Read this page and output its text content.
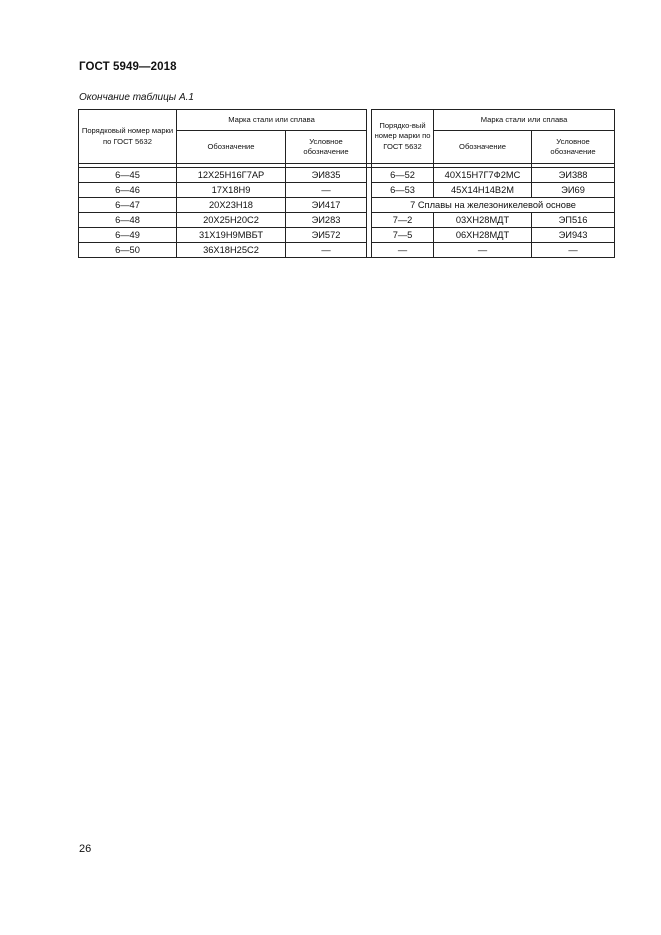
ГОСТ 5949—2018
Окончание таблицы А.1
Порядковый номер марки по ГОСТ 5632	Марка стали или сплава			Порядко-вый номер марки по ГОСТ 5632	Марка стали или сплава	
	Обозначение	Условное обозначение			Обозначение	Условное обозначение

6—45	12Х25Н16Г7АР	ЭИ835		6—52	40Х15Н7Г7Ф2МС	ЭИ388
6—46	17Х18Н9	—		6—53	45Х14Н14В2М	ЭИ69
6—47	20Х23Н18	ЭИ417		7 Сплавы на железоникелевой основе		
6—48	20Х25Н20С2	ЭИ283		7—2	03ХН28МДТ	ЭП516
6—49	31Х19Н9МВБТ	ЭИ572		7—5	06ХН28МДТ	ЭИ943
6—50	36Х18Н25С2	—		—	—	—
26
